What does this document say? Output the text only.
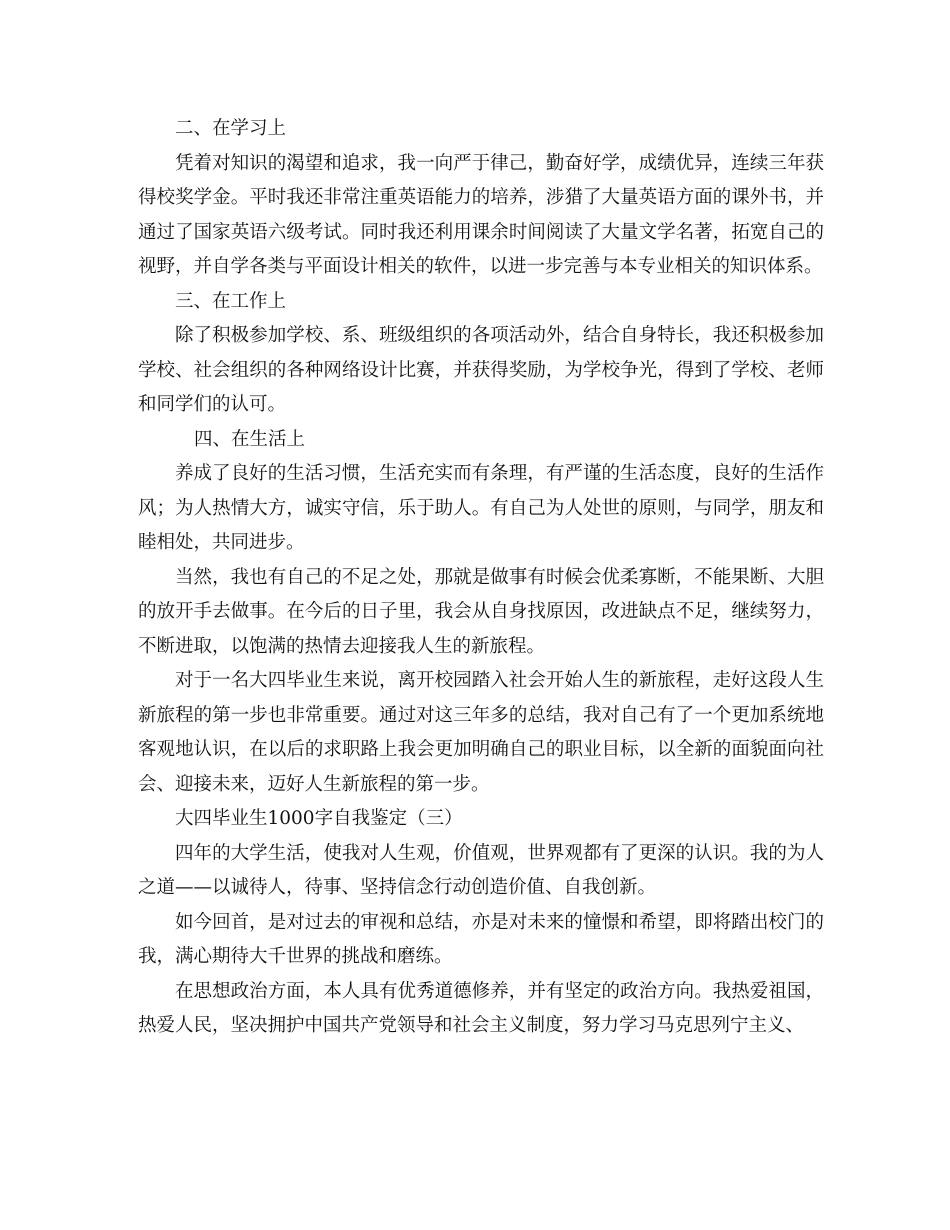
二、在学习上

凭着对知识的渴望和追求，我一向严于律己，勤奋好学，成绩优异，连续三年获得校奖学金。平时我还非常注重英语能力的培养，涉猎了大量英语方面的课外书，并通过了国家英语六级考试。同时我还利用课余时间阅读了大量文学名著，拓宽自己的视野，并自学各类与平面设计相关的软件，以进一步完善与本专业相关的知识体系。

三、在工作上

除了积极参加学校、系、班级组织的各项活动外，结合自身特长，我还积极参加学校、社会组织的各种网络设计比赛，并获得奖励，为学校争光，得到了学校、老师和同学们的认可。

四、在生活上

养成了良好的生活习惯，生活充实而有条理，有严谨的生活态度，良好的生活作风；为人热情大方，诚实守信，乐于助人。有自己为人处世的原则，与同学，朋友和睦相处，共同进步。

当然，我也有自己的不足之处，那就是做事有时候会优柔寡断，不能果断、大胆的放开手去做事。在今后的日子里，我会从自身找原因，改进缺点不足，继续努力，不断进取，以饱满的热情去迎接我人生的新旅程。

对于一名大四毕业生来说，离开校园踏入社会开始人生的新旅程，走好这段人生新旅程的第一步也非常重要。通过对这三年多的总结，我对自己有了一个更加系统地客观地认识，在以后的求职路上我会更加明确自己的职业目标，以全新的面貌面向社会、迎接未来，迈好人生新旅程的第一步。

大四毕业生1000字自我鉴定（三）

四年的大学生活，使我对人生观，价值观，世界观都有了更深的认识。我的为人之道——以诚待人，待事、坚持信念行动创造价值、自我创新。

如今回首，是对过去的审视和总结，亦是对未来的憧憬和希望，即将踏出校门的我，满心期待大千世界的挑战和磨练。

在思想政治方面，本人具有优秀道德修养，并有坚定的政治方向。我热爱祖国，热爱人民，坚决拥护中国共产党领导和社会主义制度，努力学习马克思列宁主义、
